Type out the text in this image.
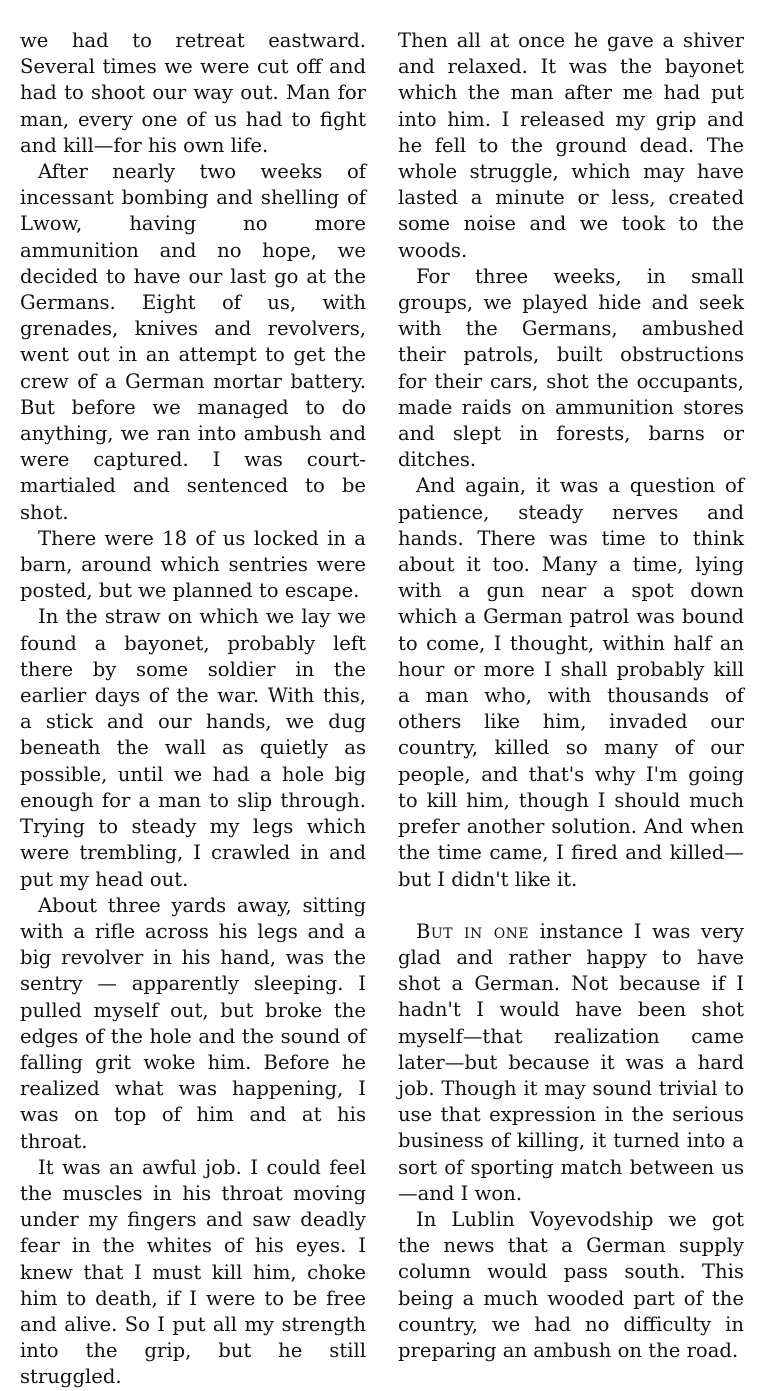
we had to retreat eastward. Several times we were cut off and had to shoot our way out. Man for man, every one of us had to fight and kill—for his own life.

After nearly two weeks of incessant bombing and shelling of Lwow, having no more ammunition and no hope, we decided to have our last go at the Germans. Eight of us, with grenades, knives and revolvers, went out in an attempt to get the crew of a German mortar battery. But before we managed to do anything, we ran into ambush and were captured. I was court-martialed and sentenced to be shot.

There were 18 of us locked in a barn, around which sentries were posted, but we planned to escape.

In the straw on which we lay we found a bayonet, probably left there by some soldier in the earlier days of the war. With this, a stick and our hands, we dug beneath the wall as quietly as possible, until we had a hole big enough for a man to slip through. Trying to steady my legs which were trembling, I crawled in and put my head out.

About three yards away, sitting with a rifle across his legs and a big revolver in his hand, was the sentry — apparently sleeping. I pulled myself out, but broke the edges of the hole and the sound of falling grit woke him. Before he realized what was happening, I was on top of him and at his throat.

It was an awful job. I could feel the muscles in his throat moving under my fingers and saw deadly fear in the whites of his eyes. I knew that I must kill him, choke him to death, if I were to be free and alive. So I put all my strength into the grip, but he still struggled.

Then all at once he gave a shiver and relaxed. It was the bayonet which the man after me had put into him. I released my grip and he fell to the ground dead. The whole struggle, which may have lasted a minute or less, created some noise and we took to the woods.

For three weeks, in small groups, we played hide and seek with the Germans, ambushed their patrols, built obstructions for their cars, shot the occupants, made raids on ammunition stores and slept in forests, barns or ditches.

And again, it was a question of patience, steady nerves and hands. There was time to think about it too. Many a time, lying with a gun near a spot down which a German patrol was bound to come, I thought, within half an hour or more I shall probably kill a man who, with thousands of others like him, invaded our country, killed so many of our people, and that's why I'm going to kill him, though I should much prefer another solution. And when the time came, I fired and killed—but I didn't like it.

But in one instance I was very glad and rather happy to have shot a German. Not because if I hadn't I would have been shot myself—that realization came later—but because it was a hard job. Though it may sound trivial to use that expression in the serious business of killing, it turned into a sort of sporting match between us—and I won.

In Lublin Voyevodship we got the news that a German supply column would pass south. This being a much wooded part of the country, we had no difficulty in preparing an ambush on the road.
